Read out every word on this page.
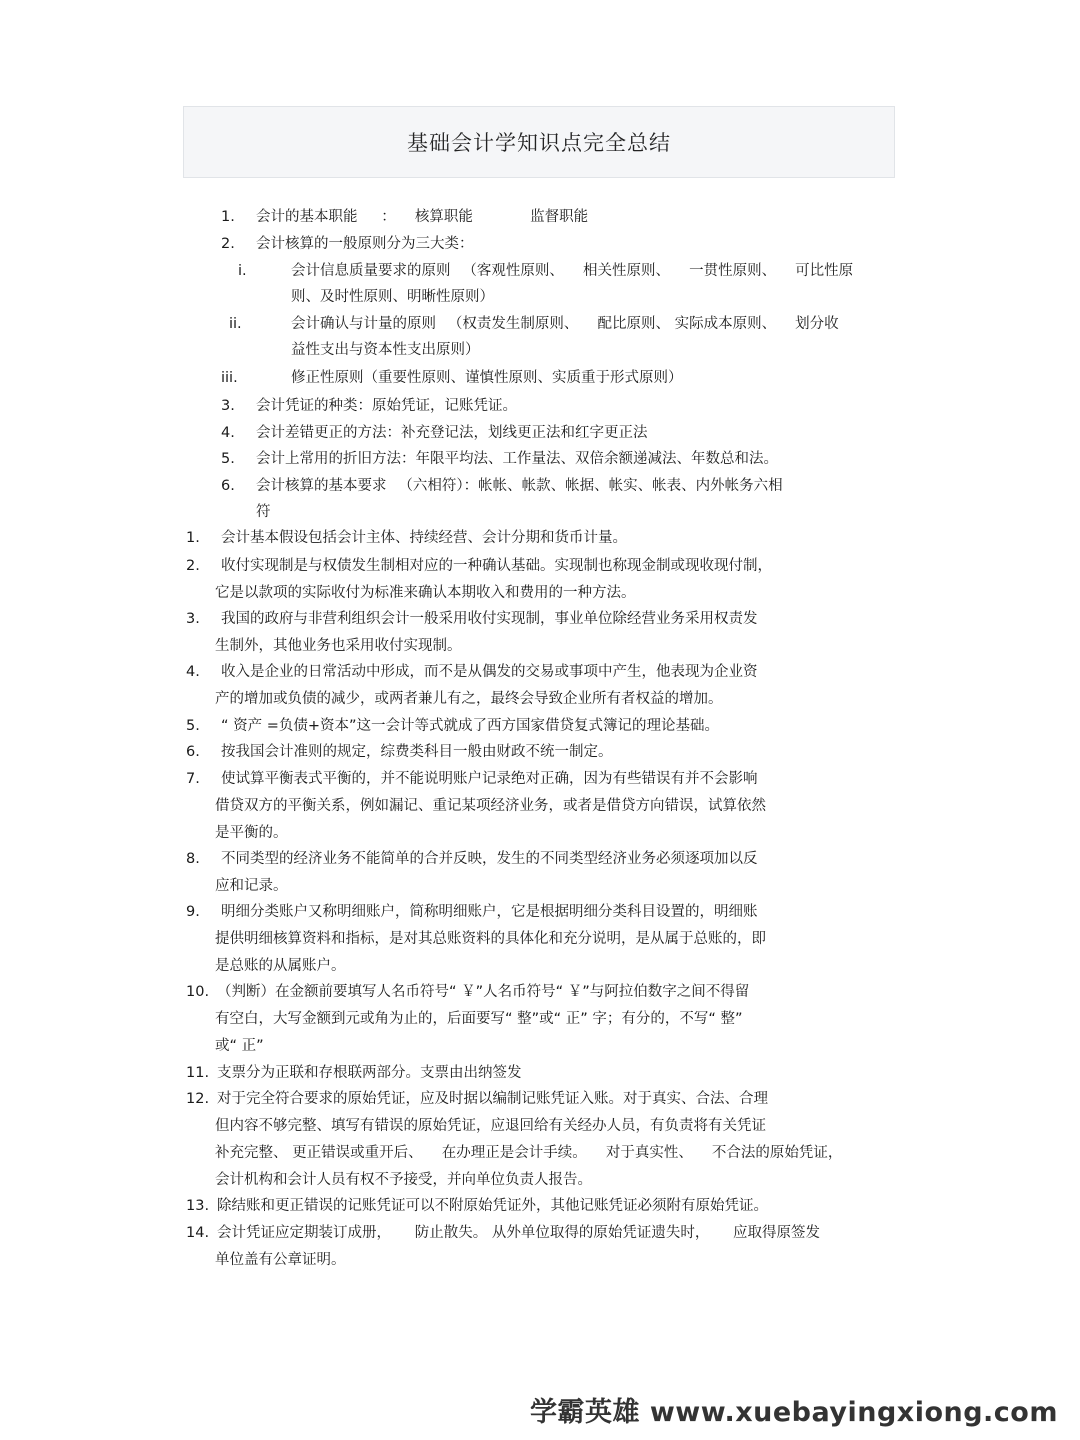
基础会计学知识点完全总结
1. 会计的基本职能 　 ： 　核算职能 　 　 　监督职能
2. 会计核算的一般原则分为三大类：
i.	会计信息质量要求的原则 　（客观性原则、 　相关性原则、 　一贯性原则、 　可比性原
则、及时性原则、明晰性原则）
ii.	会计确认与计量的原则 　（权责发生制原则、 　配比原则、 实际成本原则、 　划分收
益性支出与资本性支出原则）
iii.	修正性原则（重要性原则、谨慎性原则、实质重于形式原则）
3. 会计凭证的种类：原始凭证，记账凭证。
4. 会计差错更正的方法：补充登记法，划线更正法和红字更正法
5. 会计上常用的折旧方法：年限平均法、工作量法、双倍余额递减法、年数总和法。
6. 会计核算的基本要求 　（六相符）：帐帐、帐款、帐据、帐实、帐表、内外帐务六相
符
1. 会计基本假设包括会计主体、持续经营、会计分期和货币计量。
2. 收付实现制是与权债发生制相对应的一种确认基础。实现制也称现金制或现收现付制，
它是以款项的实际收付为标准来确认本期收入和费用的一种方法。
3. 我国的政府与非营利组织会计一般采用收付实现制，事业单位除经营业务采用权责发
生制外，其他业务也采用收付实现制。
4. 收入是企业的日常活动中形成，而不是从偶发的交易或事项中产生，他表现为企业资
产的增加或负债的减少，或两者兼儿有之，最终会导致企业所有者权益的增加。
5. “ 资产 =负债+资本”这一会计等式就成了西方国家借贷复式簿记的理论基础。
6. 按我国会计准则的规定，综费类科目一般由财政不统一制定。
7. 使试算平衡表式平衡的，并不能说明账户记录绝对正确，因为有些错误有并不会影响
借贷双方的平衡关系，例如漏记、重记某项经济业务，或者是借贷方向错误，试算依然
是平衡的。
8. 不同类型的经济业务不能简单的合并反映，发生的不同类型经济业务必须逐项加以反
应和记录。
9. 明细分类账户又称明细账户，简称明细账户，它是根据明细分类科目设置的，明细账
提供明细核算资料和指标，是对其总账资料的具体化和充分说明，是从属于总账的，即
是总账的从属账户。
10. （判断）在金额前要填写人名币符号“ ￥”人名币符号“ ￥”与阿拉伯数字之间不得留
有空白，大写金额到元或角为止的，后面要写“ 整”或“ 正” 字；有分的，不写“ 整”
或“ 正”
11. 支票分为正联和存根联两部分。支票由出纳签发
12. 对于完全符合要求的原始凭证，应及时据以编制记账凭证入账。对于真实、合法、合理
但内容不够完整、填写有错误的原始凭证，应退回给有关经办人员，有负责将有关凭证
补充完整、 更正错误或重开后、 　在办理正是会计手续。 　对于真实性、 　不合法的原始凭证，
会计机构和会计人员有权不予接受，并向单位负责人报告。
13. 除结账和更正错误的记账凭证可以不附原始凭证外，其他记账凭证必须附有原始凭证。
14. 会计凭证应定期装订成册， 　 防止散失。 从外单位取得的原始凭证遗失时， 　 应取得原签发
单位盖有公章证明。
学霸英雄 www.xuebayingxiong.com
